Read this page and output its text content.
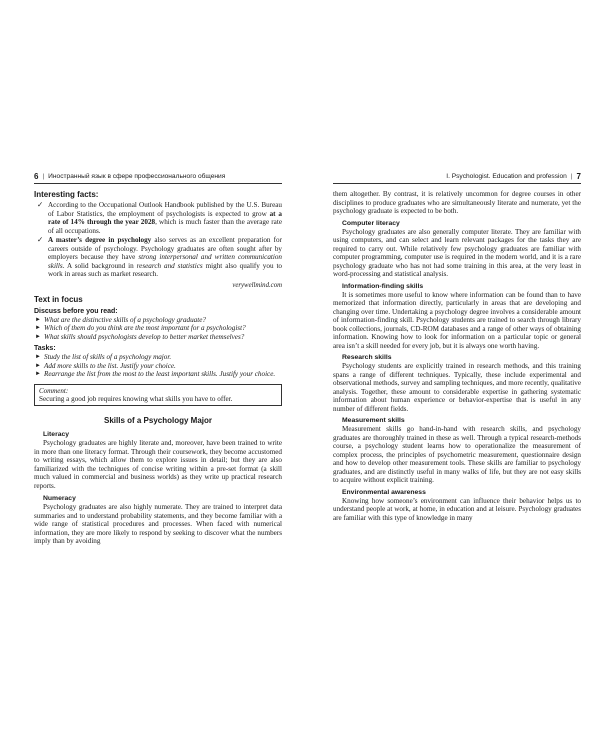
6 | Иностранный язык в сфере профессионального общения
Interesting facts:
✓ According to the Occupational Outlook Handbook published by the U.S. Bureau of Labor Statistics, the employment of psychologists is expected to grow at a rate of 14% through the year 2028, which is much faster than the average rate of all occupations.
✓ A master’s degree in psychology also serves as an excellent preparation for careers outside of psychology. Psychology graduates are often sought after by employers because they have strong interpersonal and written communication skills. A solid background in research and statistics might also qualify you to work in areas such as market research.
verywellmind.com
Text in focus
Discuss before you read:
► What are the distinctive skills of a psychology graduate?
► Which of them do you think are the most important for a psychologist?
► What skills should psychologists develop to better market themselves?
Tasks:
► Study the list of skills of a psychology major.
► Add more skills to the list. Justify your choice.
► Rearrange the list from the most to the least important skills. Justify your choice.
Comment:
Securing a good job requires knowing what skills you have to offer.
Skills of a Psychology Major
Literacy

Psychology graduates are highly literate and, moreover, have been trained to write in more than one literacy format. Through their coursework, they become accustomed to writing essays, which allow them to explore issues in detail; but they are also familiarized with the techniques of concise writing within a pre-set format (a skill much valued in commercial and business worlds) as they write up practical research reports.

Numeracy

Psychology graduates are also highly numerate. They are trained to interpret data summaries and to understand probability statements, and they become familiar with a wide range of statistical procedures and processes. When faced with numerical information, they are more likely to respond by seeking to discover what the numbers imply than by avoiding

I. Psychologist. Education and profession | 7

them altogether. By contrast, it is relatively uncommon for degree courses in other disciplines to produce graduates who are simultaneously literate and numerate, yet the psychology graduate is expected to be both.

Computer literacy

Psychology graduates are also generally computer literate. They are familiar with using computers, and can select and learn relevant packages for the tasks they are required to carry out. While relatively few psychology graduates are familiar with computer programming, computer use is required in the modern world, and it is a rare psychology graduate who has not had some training in this area, at the very least in word-processing and statistical analysis.

Information-finding skills

It is sometimes more useful to know where information can be found than to have memorized that information directly, particularly in areas that are developing and changing over time. Undertaking a psychology degree involves a considerable amount of information-finding skill. Psychology students are trained to search through library book collections, journals, CD-ROM databases and a range of other ways of obtaining information. Knowing how to look for information on a particular topic or general area isn’t a skill needed for every job, but it is always one worth having.

Research skills

Psychology students are explicitly trained in research methods, and this training spans a range of different techniques. Typically, these include experimental and observational methods, survey and sampling techniques, and more recently, qualitative analysis. Together, these amount to considerable expertise in gathering systematic information about human experience or behavior-expertise that is useful in any number of different fields.

Measurement skills

Measurement skills go hand-in-hand with research skills, and psychology graduates are thoroughly trained in these as well. Through a typical research-methods course, a psychology student learns how to operationalize the measurement of complex process, the principles of psychometric measurement, questionnaire design and how to develop other measurement tools. These skills are familiar to psychology graduates, and are distinctly useful in many walks of life, but they are not easy skills to acquire without explicit training.

Environmental awareness

Knowing how someone’s environment can influence their behavior helps us to understand people at work, at home, in education and at leisure. Psychology graduates are familiar with this type of knowledge in many
